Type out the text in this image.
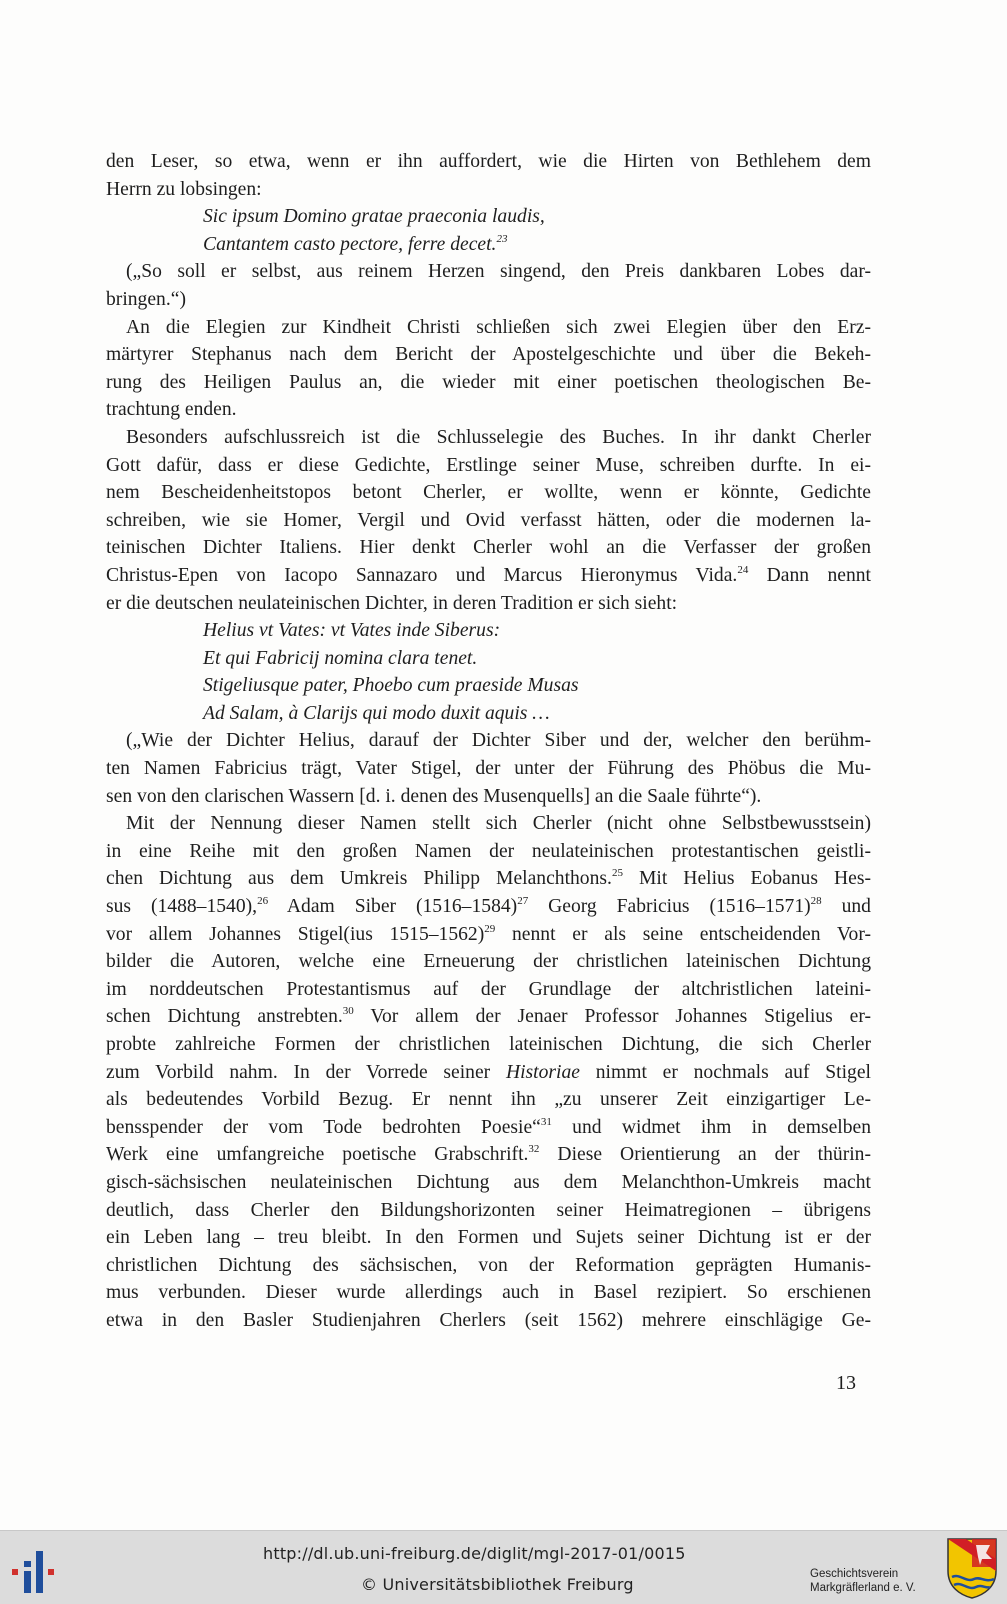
den Leser, so etwa, wenn er ihn auffordert, wie die Hirten von Bethlehem dem
Herrn zu lobsingen:
Sic ipsum Domino gratae praeconia laudis,
Cantantem casto pectore, ferre decet.$^{23}$
(„So soll er selbst, aus reinem Herzen singend, den Preis dankbaren Lobes dar-
bringen.“)
An die Elegien zur Kindheit Christi schließen sich zwei Elegien über den Erz-
märtyrer Stephanus nach dem Bericht der Apostelgeschichte und über die Bekeh-
rung des Heiligen Paulus an, die wieder mit einer poetischen theologischen Be-
trachtung enden.
Besonders aufschlussreich ist die Schlusselegie des Buches. In ihr dankt Cherler
Gott dafür, dass er diese Gedichte, Erstlinge seiner Muse, schreiben durfte. In ei-
nem Bescheidenheitstopos betont Cherler, er wollte, wenn er könnte, Gedichte
schreiben, wie sie Homer, Vergil und Ovid verfasst hätten, oder die modernen la-
teinischen Dichter Italiens. Hier denkt Cherler wohl an die Verfasser der großen
Christus-Epen von Iacopo Sannazaro und Marcus Hieronymus Vida.$^{24}$ Dann nennt
er die deutschen neulateinischen Dichter, in deren Tradition er sich sieht:
Helius vt Vates: vt Vates inde Siberus:
Et qui Fabricij nomina clara tenet.
Stigeliusque pater, Phoebo cum praeside Musas
Ad Salam, à Clarijs qui modo duxit aquis …
(„Wie der Dichter Helius, darauf der Dichter Siber und der, welcher den berühm-
ten Namen Fabricius trägt, Vater Stigel, der unter der Führung des Phöbus die Mu-
sen von den clarischen Wassern [d. i. denen des Musenquells] an die Saale führte“).
Mit der Nennung dieser Namen stellt sich Cherler (nicht ohne Selbstbewusstsein)
in eine Reihe mit den großen Namen der neulateinischen protestantischen geistli-
chen Dichtung aus dem Umkreis Philipp Melanchthons.$^{25}$ Mit Helius Eobanus Hes-
sus (1488–1540),$^{26}$ Adam Siber (1516–1584)$^{27}$ Georg Fabricius (1516–1571)$^{28}$ und
vor allem Johannes Stigel(ius 1515–1562)$^{29}$ nennt er als seine entscheidenden Vor-
bilder die Autoren, welche eine Erneuerung der christlichen lateinischen Dichtung
im norddeutschen Protestantismus auf der Grundlage der altchristlichen lateini-
schen Dichtung anstrebten.$^{30}$ Vor allem der Jenaer Professor Johannes Stigelius er-
probte zahlreiche Formen der christlichen lateinischen Dichtung, die sich Cherler
zum Vorbild nahm. In der Vorrede seiner Historiae nimmt er nochmals auf Stigel
als bedeutendes Vorbild Bezug. Er nennt ihn „zu unserer Zeit einzigartiger Le-
bensspender der vom Tode bedrohten Poesie“$^{31}$ und widmet ihm in demselben
Werk eine umfangreiche poetische Grabschrift.$^{32}$ Diese Orientierung an der thürin-
gisch-sächsischen neulateinischen Dichtung aus dem Melanchthon-Umkreis macht
deutlich, dass Cherler den Bildungshorizonten seiner Heimatregionen – übrigens
ein Leben lang – treu bleibt. In den Formen und Sujets seiner Dichtung ist er der
christlichen Dichtung des sächsischen, von der Reformation geprägten Humanis-
mus verbunden. Dieser wurde allerdings auch in Basel rezipiert. So erschienen
etwa in den Basler Studienjahren Cherlers (seit 1562) mehrere einschlägige Ge-
13
http://dl.ub.uni-freiburg.de/diglit/mgl-2017-01/0015
© Universitätsbibliothek Freiburg
Geschichtsverein
Markgräflerland e. V.
